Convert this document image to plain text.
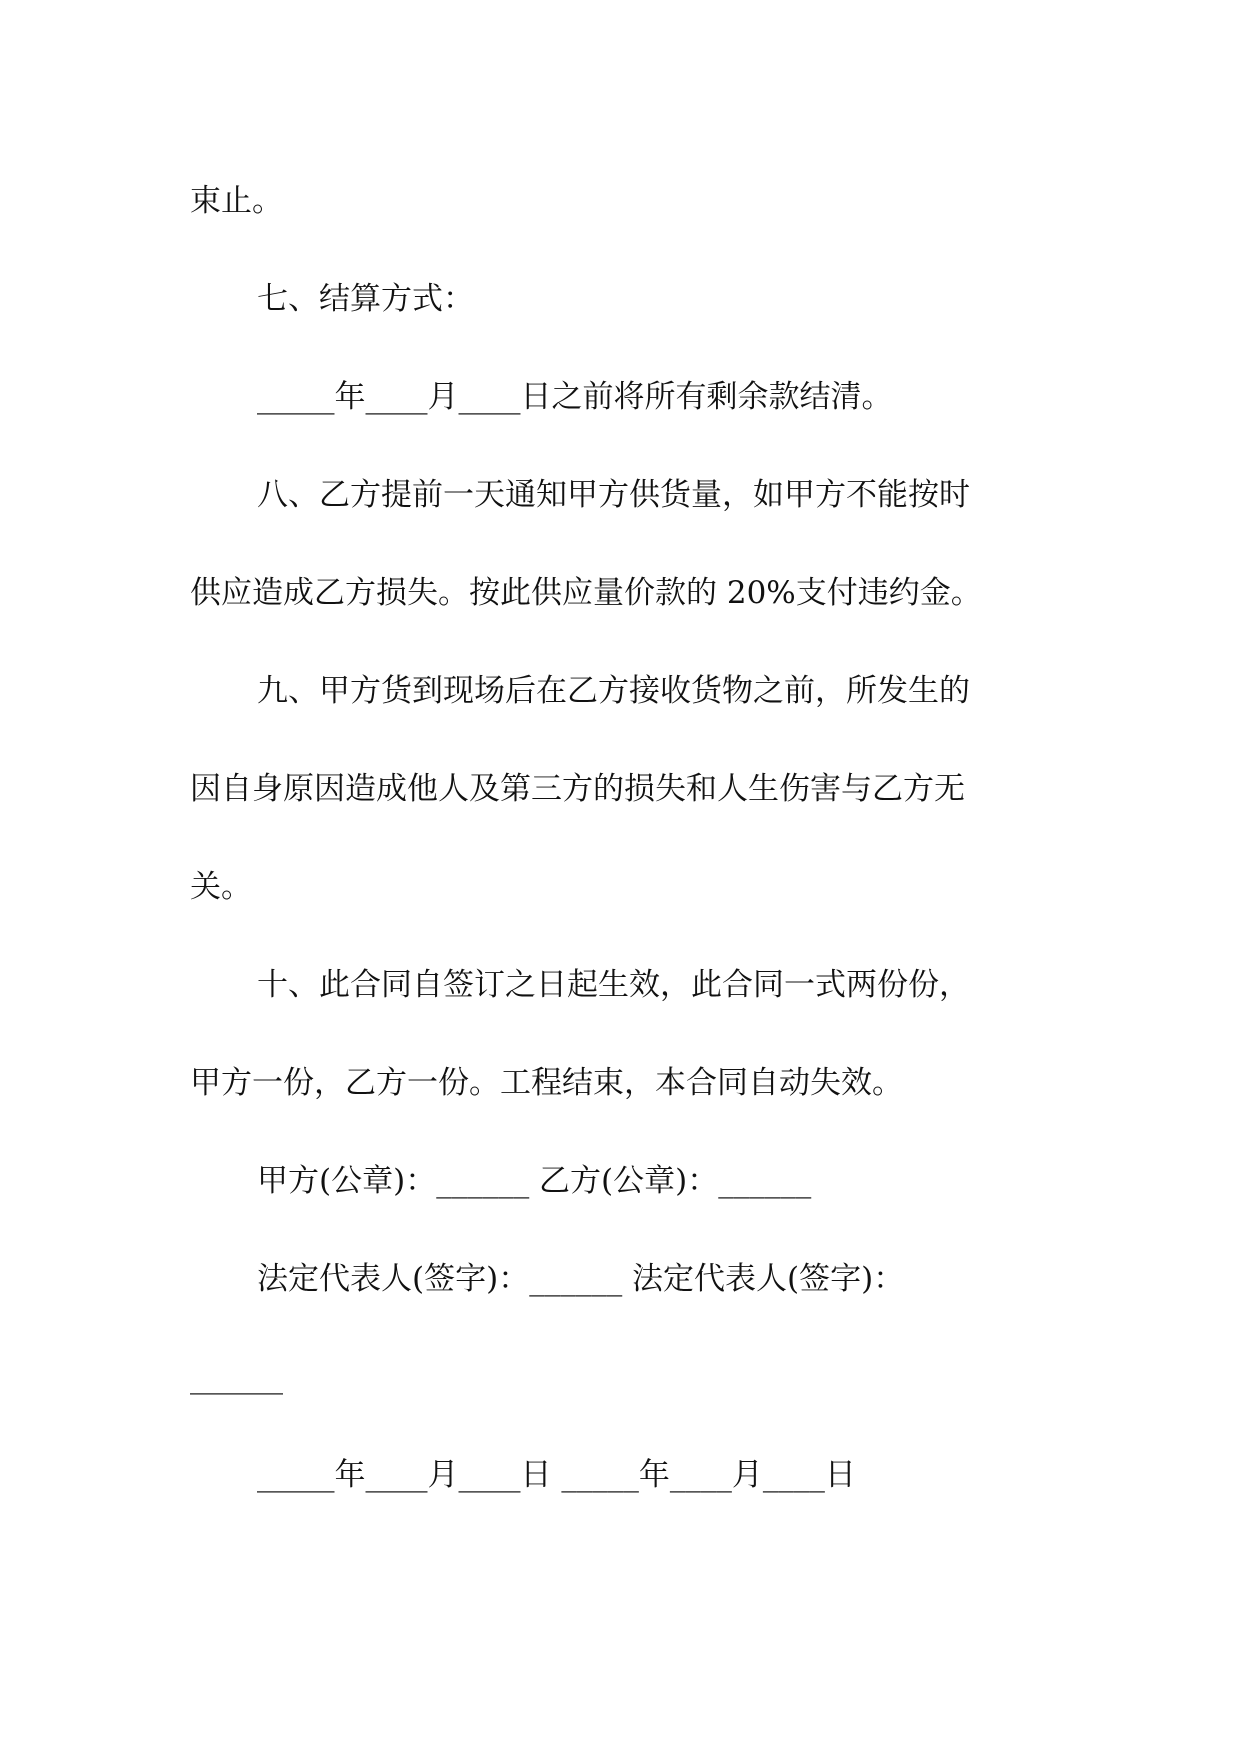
束止。
七、结算方式：
_____年____月____日之前将所有剩余款结清。
八、乙方提前一天通知甲方供货量，如甲方不能按时
供应造成乙方损失。按此供应量价款的 20%支付违约金。
九、甲方货到现场后在乙方接收货物之前，所发生的
因自身原因造成他人及第三方的损失和人生伤害与乙方无
关。
十、此合同自签订之日起生效，此合同一式两份份，
甲方一份，乙方一份。工程结束，本合同自动失效。
甲方(公章)：______ 乙方(公章)：______
法定代表人(签字)：______ 法定代表人(签字)：
______
_____年____月____日 _____年____月____日
